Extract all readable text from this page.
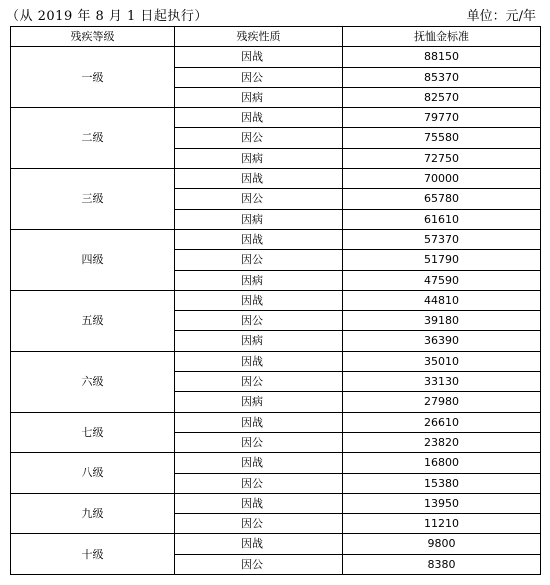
（从 2019 年 8 月 1 日起执行）	单位：元/年
残疾等级	残疾性质	抚恤金标准
一级	因战	88150
	因公	85370
	因病	82570
二级	因战	79770
	因公	75580
	因病	72750
三级	因战	70000
	因公	65780
	因病	61610
四级	因战	57370
	因公	51790
	因病	47590
五级	因战	44810
	因公	39180
	因病	36390
六级	因战	35010
	因公	33130
	因病	27980
七级	因战	26610
	因公	23820
八级	因战	16800
	因公	15380
九级	因战	13950
	因公	11210
十级	因战	9800
	因公	8380
